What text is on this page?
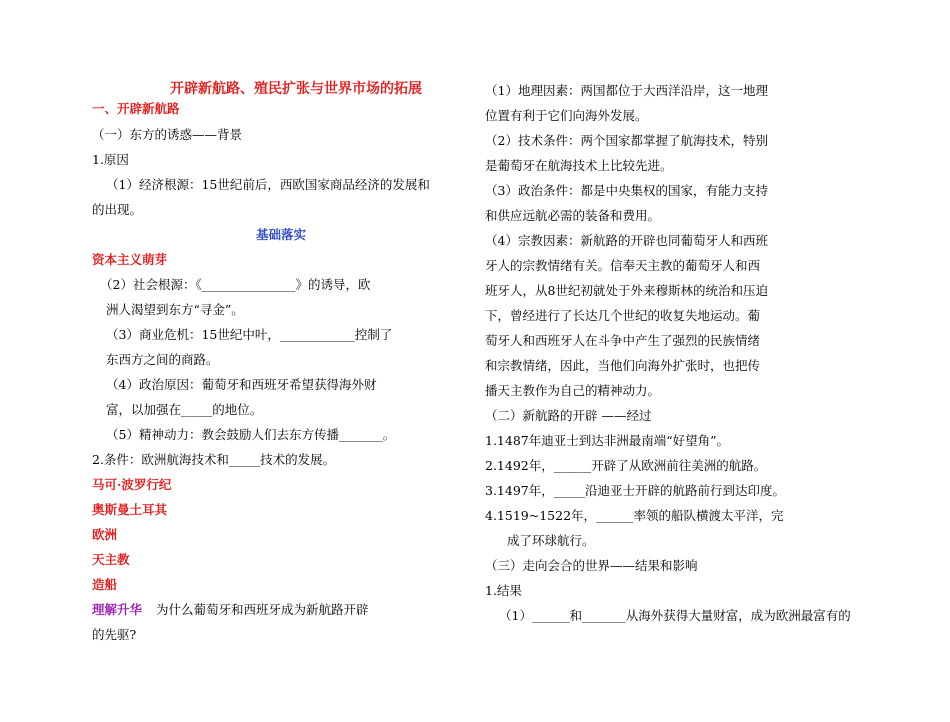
开辟新航路、殖民扩张与世界市场的拓展
一、开辟新航路
（一）东方的诱惑——背景
1.原因
（1）经济根源：15世纪前后，西欧国家商品经济的发展和
的出现。
基础落实
资本主义萌芽
（2）社会根源：《_______________》的诱导，欧
洲人渴望到东方“寻金”。
（3）商业危机：15世纪中叶，____________控制了
东西方之间的商路。
（4）政治原因：葡萄牙和西班牙希望获得海外财
富，以加强在_____的地位。
（5）精神动力：教会鼓励人们去东方传播_______。
2.条件：欧洲航海技术和_____技术的发展。
马可·波罗行纪
奥斯曼土耳其
欧洲
天主教
造船
理解升华 为什么葡萄牙和西班牙成为新航路开辟
的先驱?
（1）地理因素：两国都位于大西洋沿岸，这一地理
位置有利于它们向海外发展。
（2）技术条件：两个国家都掌握了航海技术，特别
是葡萄牙在航海技术上比较先进。
（3）政治条件：都是中央集权的国家，有能力支持
和供应远航必需的装备和费用。
（4）宗教因素：新航路的开辟也同葡萄牙人和西班
牙人的宗教情绪有关。信奉天主教的葡萄牙人和西
班牙人，从8世纪初就处于外来穆斯林的统治和压迫
下，曾经进行了长达几个世纪的收复失地运动。葡
萄牙人和西班牙人在斗争中产生了强烈的民族情绪
和宗教情绪，因此，当他们向海外扩张时，也把传
播天主教作为自己的精神动力。
（二）新航路的开辟 ——经过
1.1487年迪亚士到达非洲最南端“好望角”。
2.1492年，______开辟了从欧洲前往美洲的航路。
3.1497年，_____沿迪亚士开辟的航路前行到达印度。
4.1519~1522年，______率领的船队横渡太平洋，完
成了环球航行。
（三）走向会合的世界——结果和影响
1.结果
（1）______和_______从海外获得大量财富，成为欧洲最富有的
